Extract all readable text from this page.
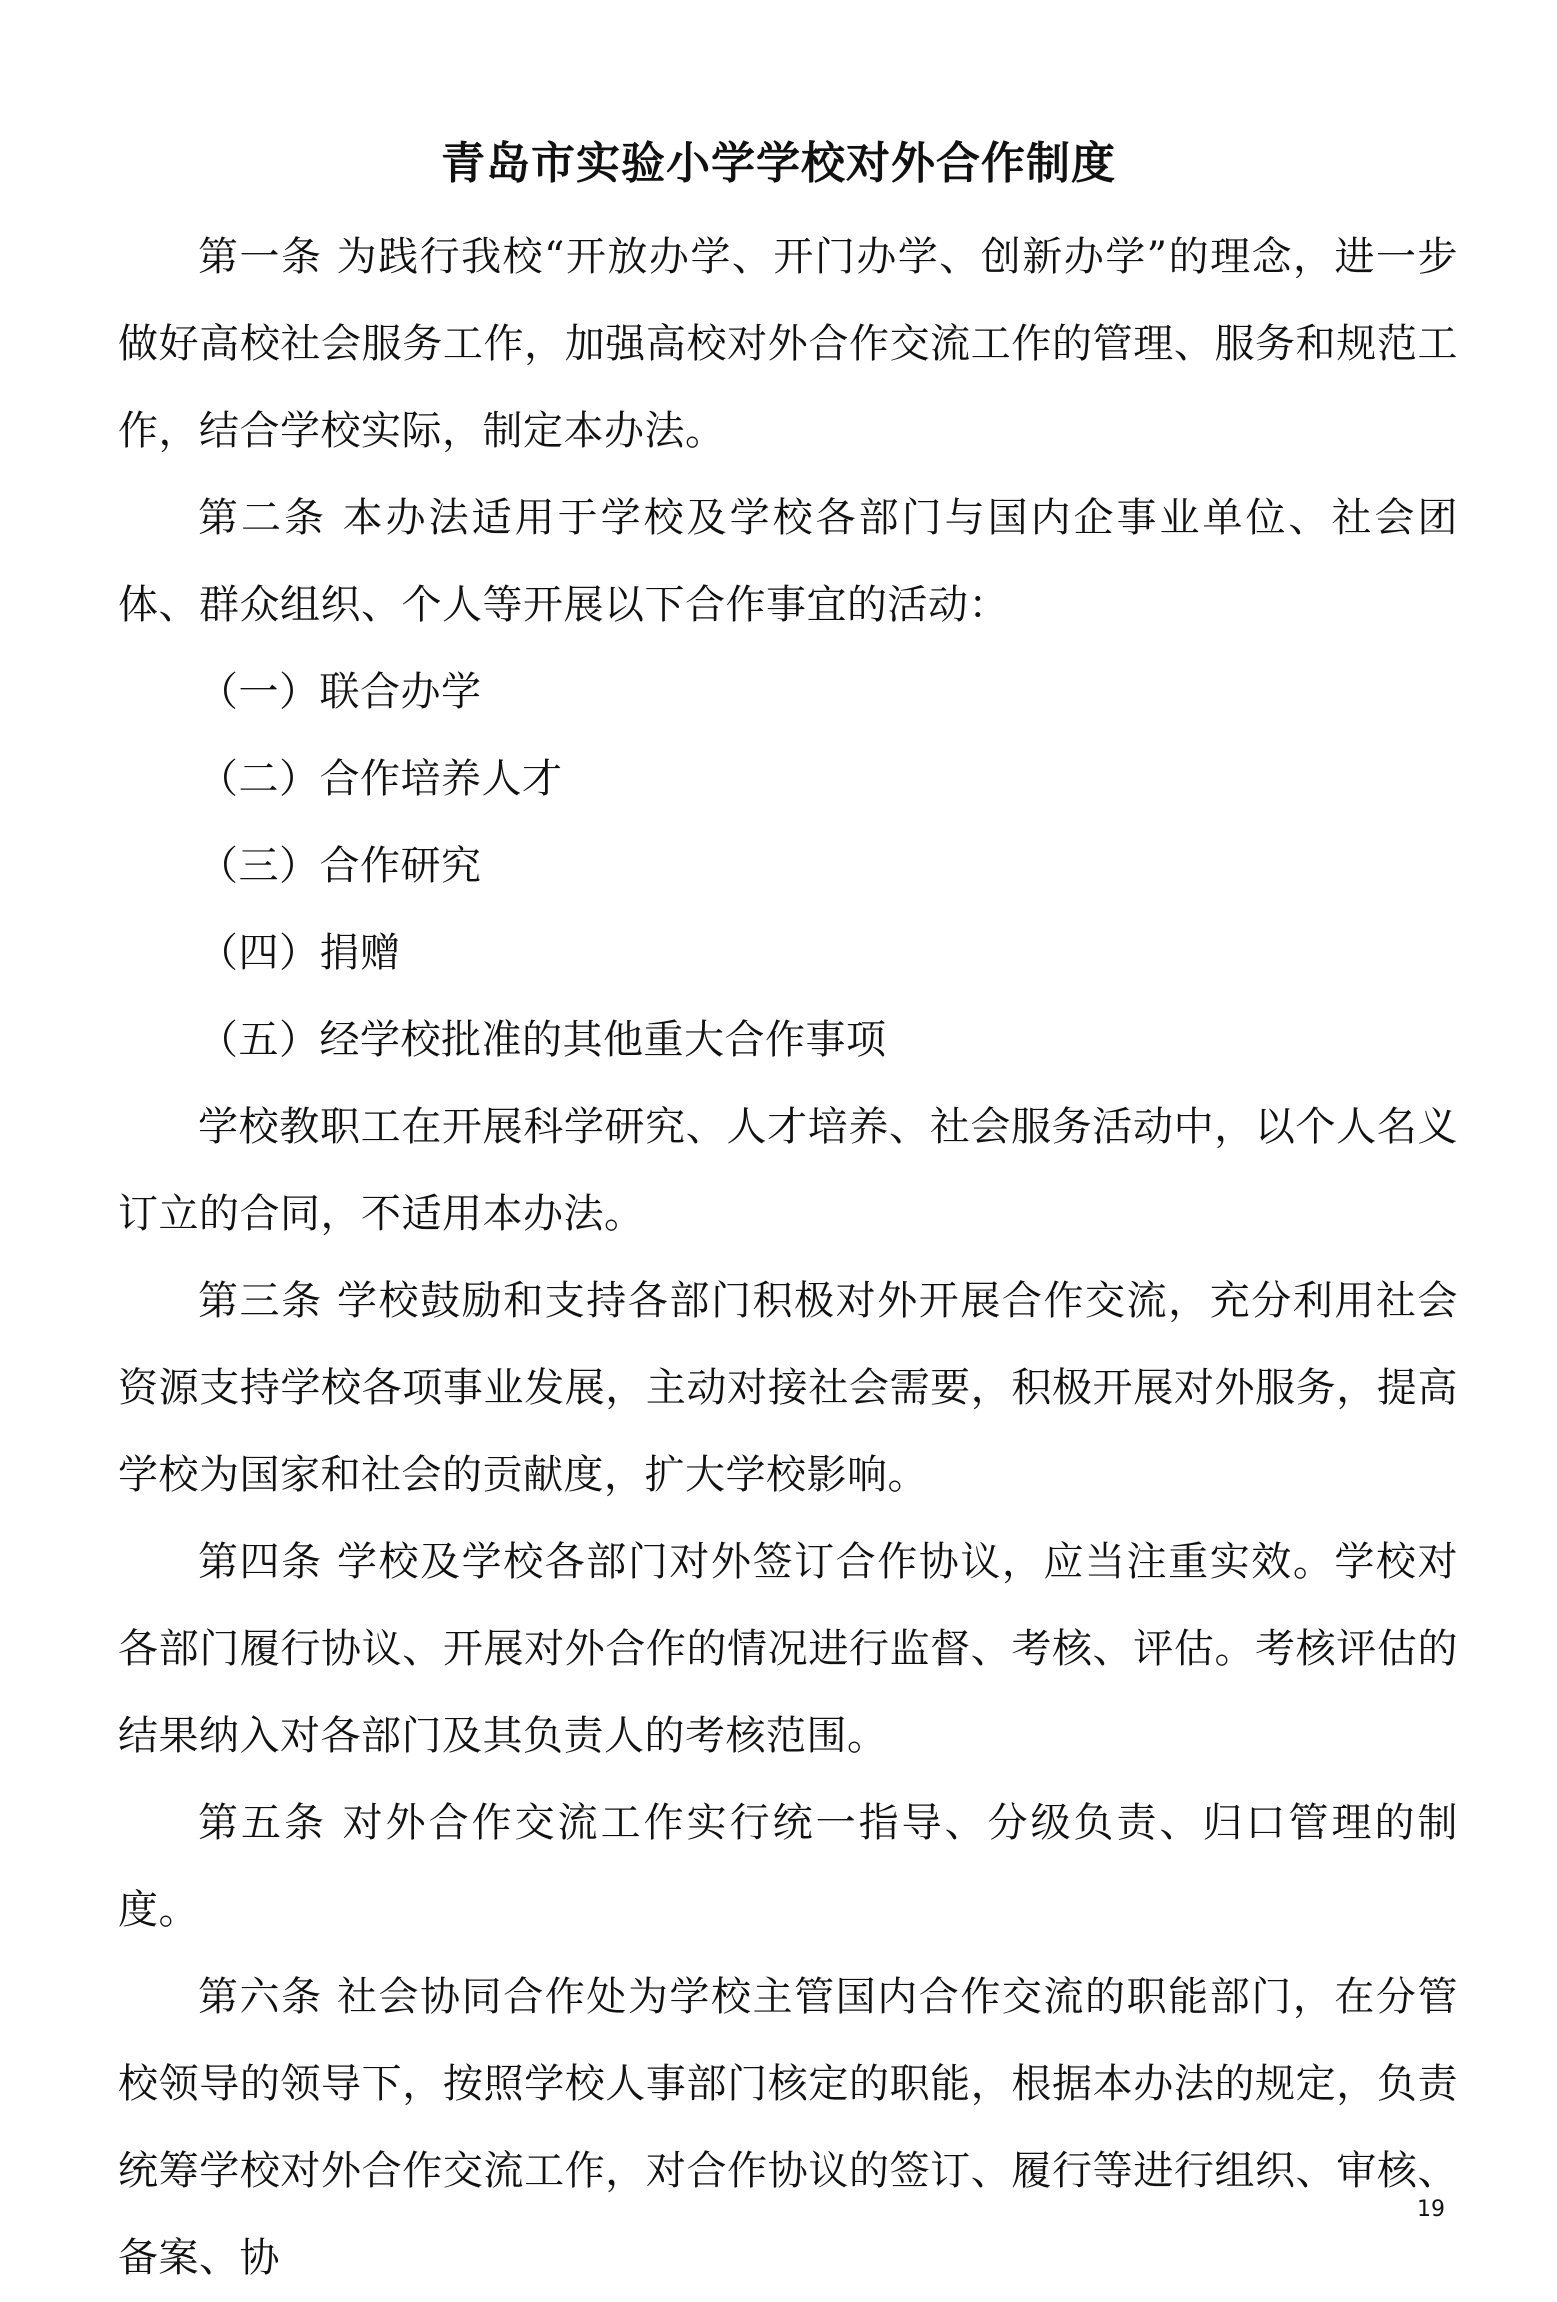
青岛市实验小学学校对外合作制度

第一条 为践行我校“开放办学、开门办学、创新办学”的理念，进一步做好高校社会服务工作，加强高校对外合作交流工作的管理、服务和规范工作，结合学校实际，制定本办法。

第二条 本办法适用于学校及学校各部门与国内企事业单位、社会团体、群众组织、个人等开展以下合作事宜的活动：

（一）联合办学

（二）合作培养人才

（三）合作研究

（四）捐赠

（五）经学校批准的其他重大合作事项

学校教职工在开展科学研究、人才培养、社会服务活动中，以个人名义订立的合同，不适用本办法。

第三条 学校鼓励和支持各部门积极对外开展合作交流，充分利用社会资源支持学校各项事业发展，主动对接社会需要，积极开展对外服务，提高学校为国家和社会的贡献度，扩大学校影响。

第四条 学校及学校各部门对外签订合作协议，应当注重实效。学校对各部门履行协议、开展对外合作的情况进行监督、考核、评估。考核评估的结果纳入对各部门及其负责人的考核范围。

第五条 对外合作交流工作实行统一指导、分级负责、归口管理的制度。

第六条 社会协同合作处为学校主管国内合作交流的职能部门，在分管校领导的领导下，按照学校人事部门核定的职能，根据本办法的规定，负责统筹学校对外合作交流工作，对合作协议的签订、履行等进行组织、审核、备案、协

19
